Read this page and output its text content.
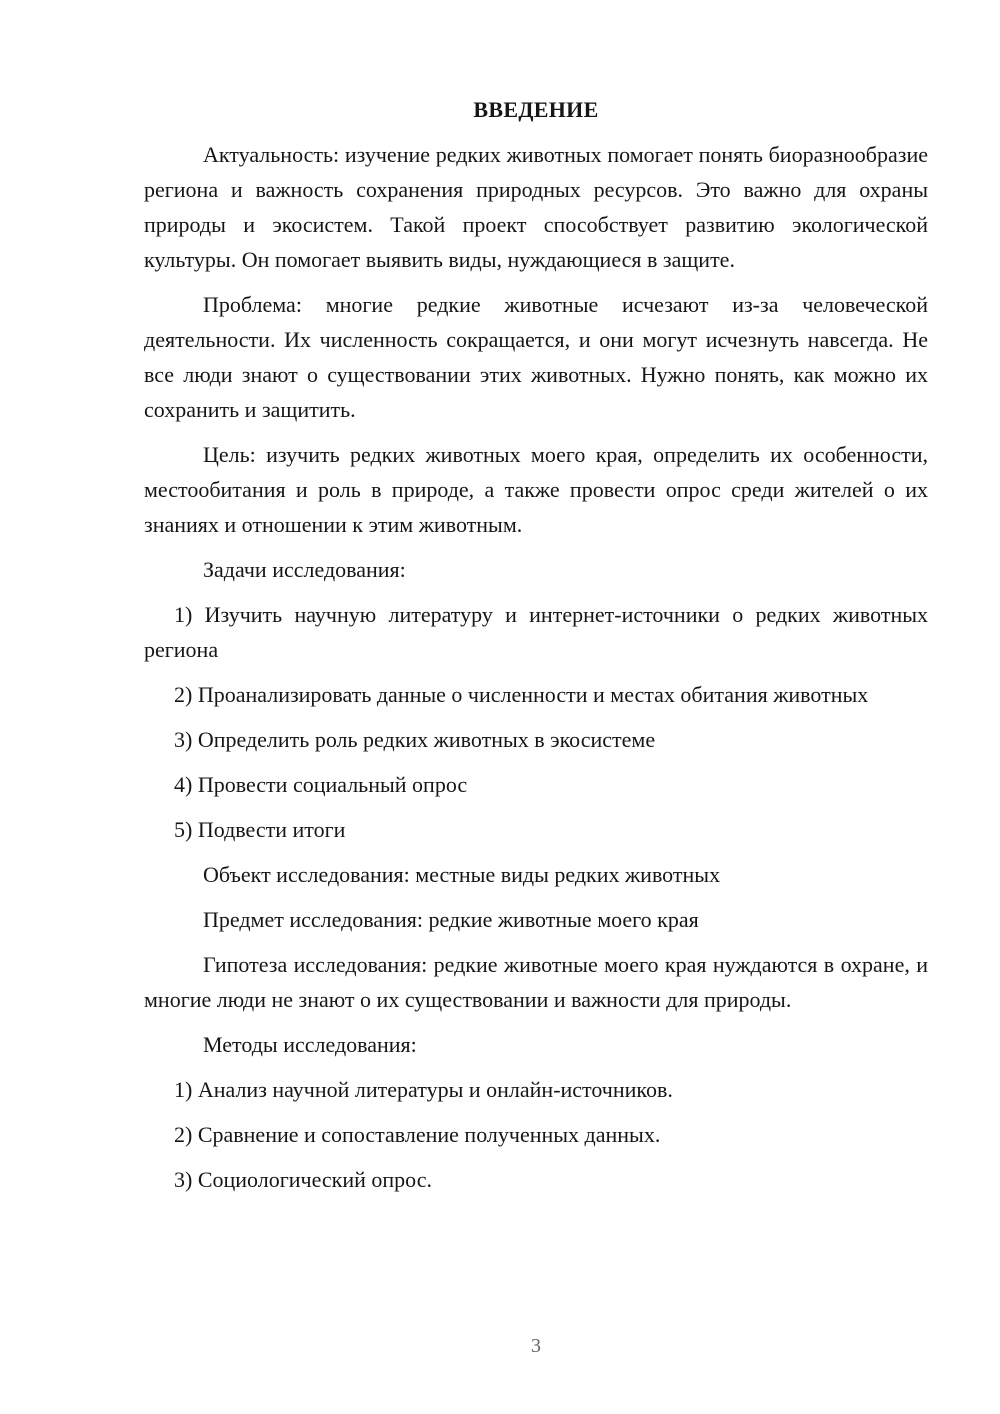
ВВЕДЕНИЕ

Актуальность: изучение редких животных помогает понять биоразнообразие региона и важность сохранения природных ресурсов. Это важно для охраны природы и экосистем. Такой проект способствует развитию экологической культуры. Он помогает выявить виды, нуждающиеся в защите.

Проблема: многие редкие животные исчезают из-за человеческой деятельности. Их численность сокращается, и они могут исчезнуть навсегда. Не все люди знают о существовании этих животных. Нужно понять, как можно их сохранить и защитить.

Цель: изучить редких животных моего края, определить их особенности, местообитания и роль в природе, а также провести опрос среди жителей о их знаниях и отношении к этим животным.

Задачи исследования:

1) Изучить научную литературу и интернет-источники о редких животных региона

2) Проанализировать данные о численности и местах обитания животных

3) Определить роль редких животных в экосистеме

4) Провести социальный опрос

5) Подвести итоги

Объект исследования: местные виды редких животных

Предмет исследования: редкие животные моего края

Гипотеза исследования: редкие животные моего края нуждаются в охране, и многие люди не знают о их существовании и важности для природы.

Методы исследования:

1) Анализ научной литературы и онлайн-источников.

2) Сравнение и сопоставление полученных данных.

3) Социологический опрос.

3
